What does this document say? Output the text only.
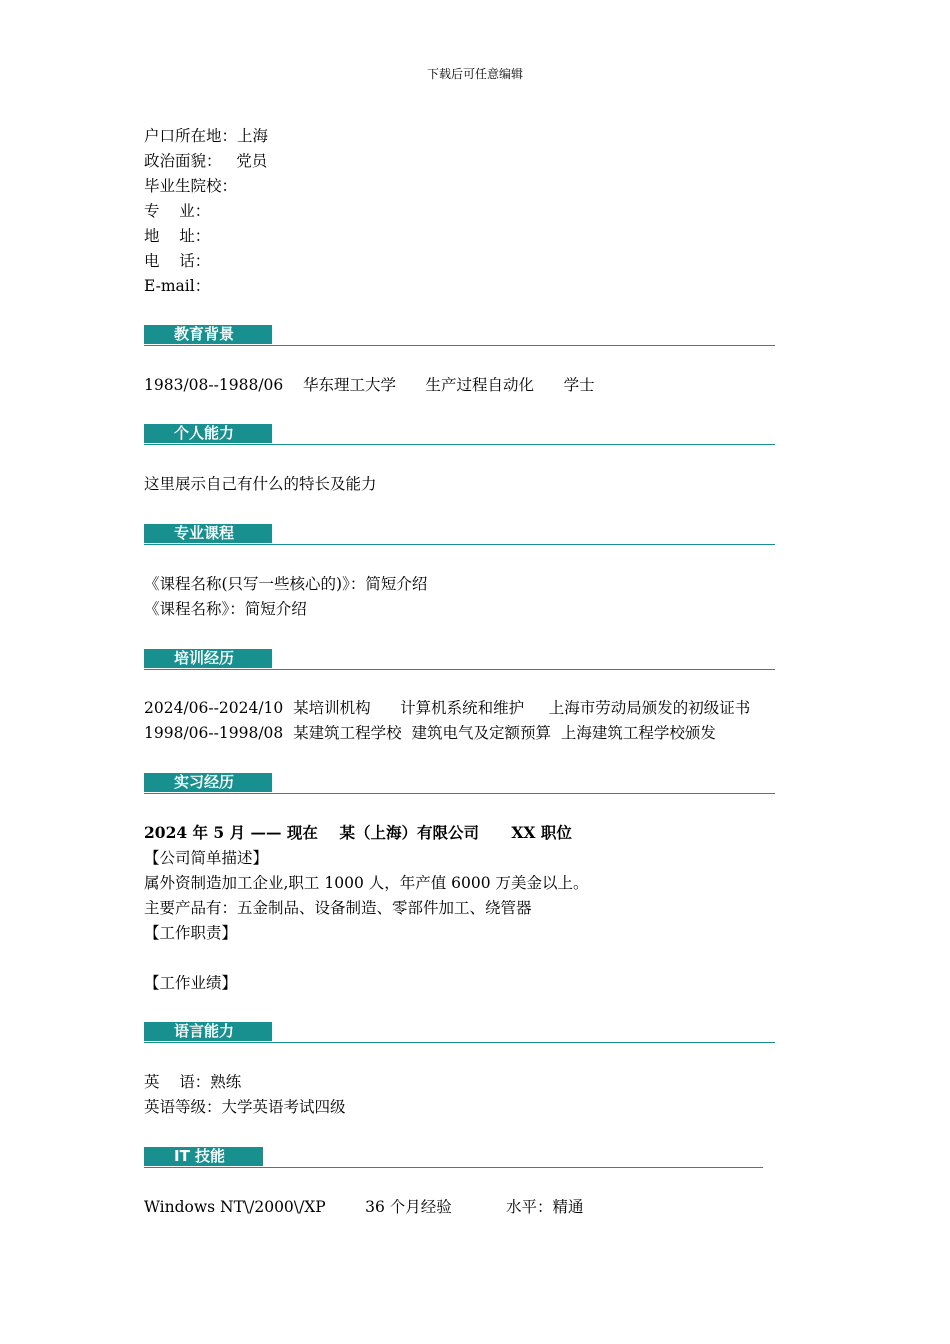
下载后可任意编辑

户口所在地：上海

政治面貌：   党员

毕业生院校：

专    业：

地    址：

电    话：

E-mail：

教育背景

1983/08--1988/06    华东理工大学      生产过程自动化      学士

个人能力

这里展示自己有什么的特长及能力

专业课程

《课程名称(只写一些核心的)》：简短介绍

《课程名称》：简短介绍

培训经历

2024/06--2024/10  某培训机构      计算机系统和维护     上海市劳动局颁发的初级证书

1998/06--1998/08  某建筑工程学校  建筑电气及定额预算  上海建筑工程学校颁发

实习经历

2024 年 5 月 —— 现在    某（上海）有限公司      XX 职位

【公司简单描述】

属外资制造加工企业,职工 1000 人，年产值 6000 万美金以上。

主要产品有：五金制品、设备制造、零部件加工、绕管器

【工作职责】

【工作业绩】

语言能力

英    语：熟练

英语等级：大学英语考试四级

IT 技能

Windows NT\/2000\/XP        36 个月经验           水平：精通
